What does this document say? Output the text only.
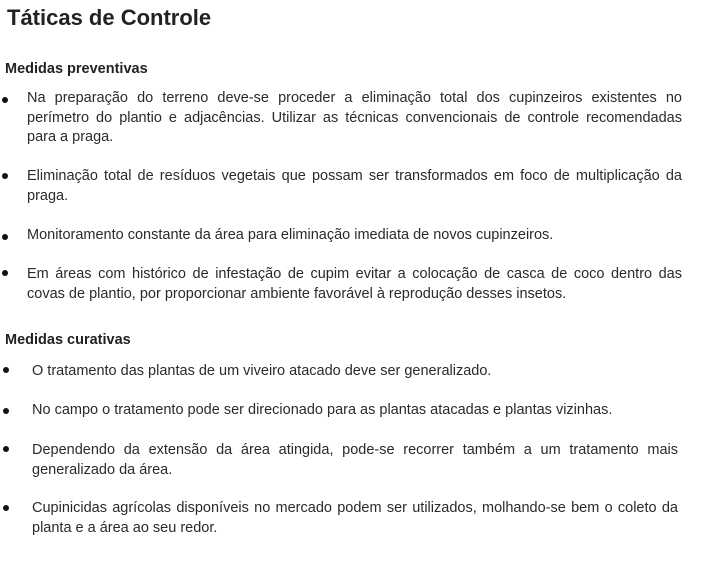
Táticas de Controle
Medidas preventivas
Na preparação do terreno deve-se proceder a eliminação total dos cupinzeiros existentes no perímetro do plantio e adjacências. Utilizar as técnicas convencionais de controle recomendadas para a praga.
Eliminação total de resíduos vegetais que possam ser transformados em foco de multiplicação da praga.
Monitoramento constante da área para eliminação imediata de novos cupinzeiros.
Em áreas com histórico de infestação de cupim evitar a colocação de casca de coco dentro das covas de plantio, por proporcionar ambiente favorável à reprodução desses insetos.
Medidas curativas
O tratamento das plantas de um viveiro atacado deve ser generalizado.
No campo o tratamento pode ser direcionado para as plantas atacadas e plantas vizinhas.
Dependendo da extensão da área atingida, pode-se recorrer também a um tratamento mais generalizado da área.
Cupinicidas agrícolas disponíveis no mercado podem ser utilizados, molhando-se bem o coleto da planta e a área ao seu redor.
